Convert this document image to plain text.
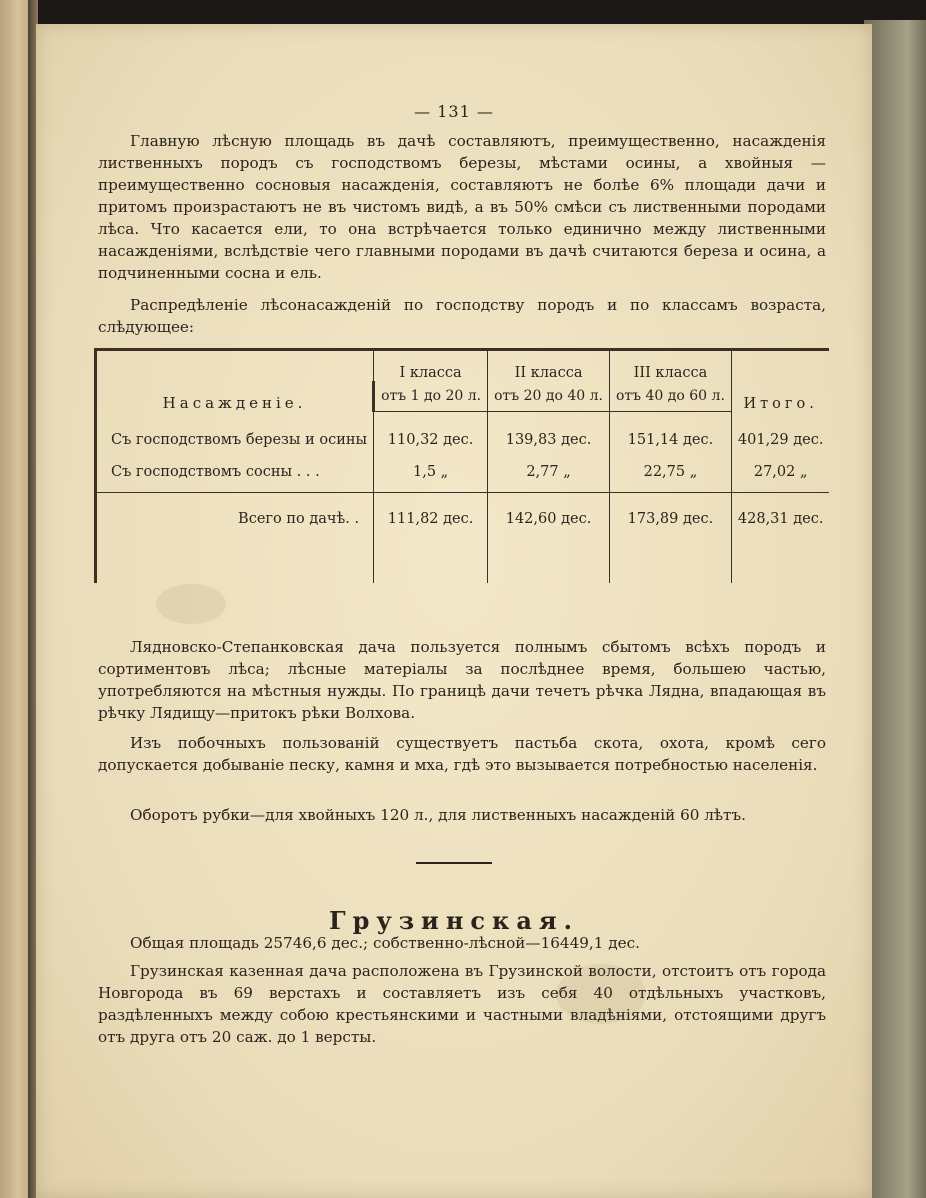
— 131 —

Главную лѣсную площадь въ дачѣ составляютъ, преимущественно, насажденія лиственныхъ породъ съ господствомъ березы, мѣстами осины, а хвойныя — преимущественно сосновыя насажденія, составляютъ не болѣе 6% площади дачи и притомъ произрастаютъ не въ чистомъ видѣ, а въ 50% смѣси съ лиственными породами лѣса. Что касается ели, то она встрѣчается только единично между лиственными насажденіями, вслѣдствіе чего главными породами въ дачѣ считаются береза и осина, а подчиненными сосна и ель.

Распредѣленіе лѣсонасажденій по господству породъ и по классамъ возраста, слѣдующее:

Насажденіе.	I класса	II класса	III класса	Итого.
	отъ 1 до 20 л.	отъ 20 до 40 л.	отъ 40 до 60 л.	
Съ господствомъ березы и осины	110,32 дес.	139,83 дес.	151,14 дес.	401,29 дес.
Съ господствомъ сосны . . .	1,5 „	2,77 „	22,75 „	27,02 „
Всего по дачѣ. .	111,82 дес.	142,60 дес.	173,89 дес.	428,31 дес.

Лядновско-Степанковская дача пользуется полнымъ сбытомъ всѣхъ породъ и сортиментовъ лѣса; лѣсные матеріалы за послѣднее время, большею частью, употребляются на мѣстныя нужды. По границѣ дачи течетъ рѣчка Лядна, впадающая въ рѣчку Лядищу—притокъ рѣки Волхова.

Изъ побочныхъ пользованій существуетъ пастьба скота, охота, кромѣ сего допускается добываніе песку, камня и мха, гдѣ это вызывается потребностью населенія.

Оборотъ рубки—для хвойныхъ 120 л., для лиственныхъ насажденій 60 лѣтъ.

Грузинская.

Общая площадь 25746,6 дес.; собственно-лѣсной—16449,1 дес.

Грузинская казенная дача расположена въ Грузинской волости, отстоитъ отъ города Новгорода въ 69 верстахъ и составляетъ изъ себя 40 отдѣльныхъ участковъ, раздѣленныхъ между собою крестьянскими и частными владѣніями, отстоящими другъ отъ друга отъ 20 саж. до 1 версты.
